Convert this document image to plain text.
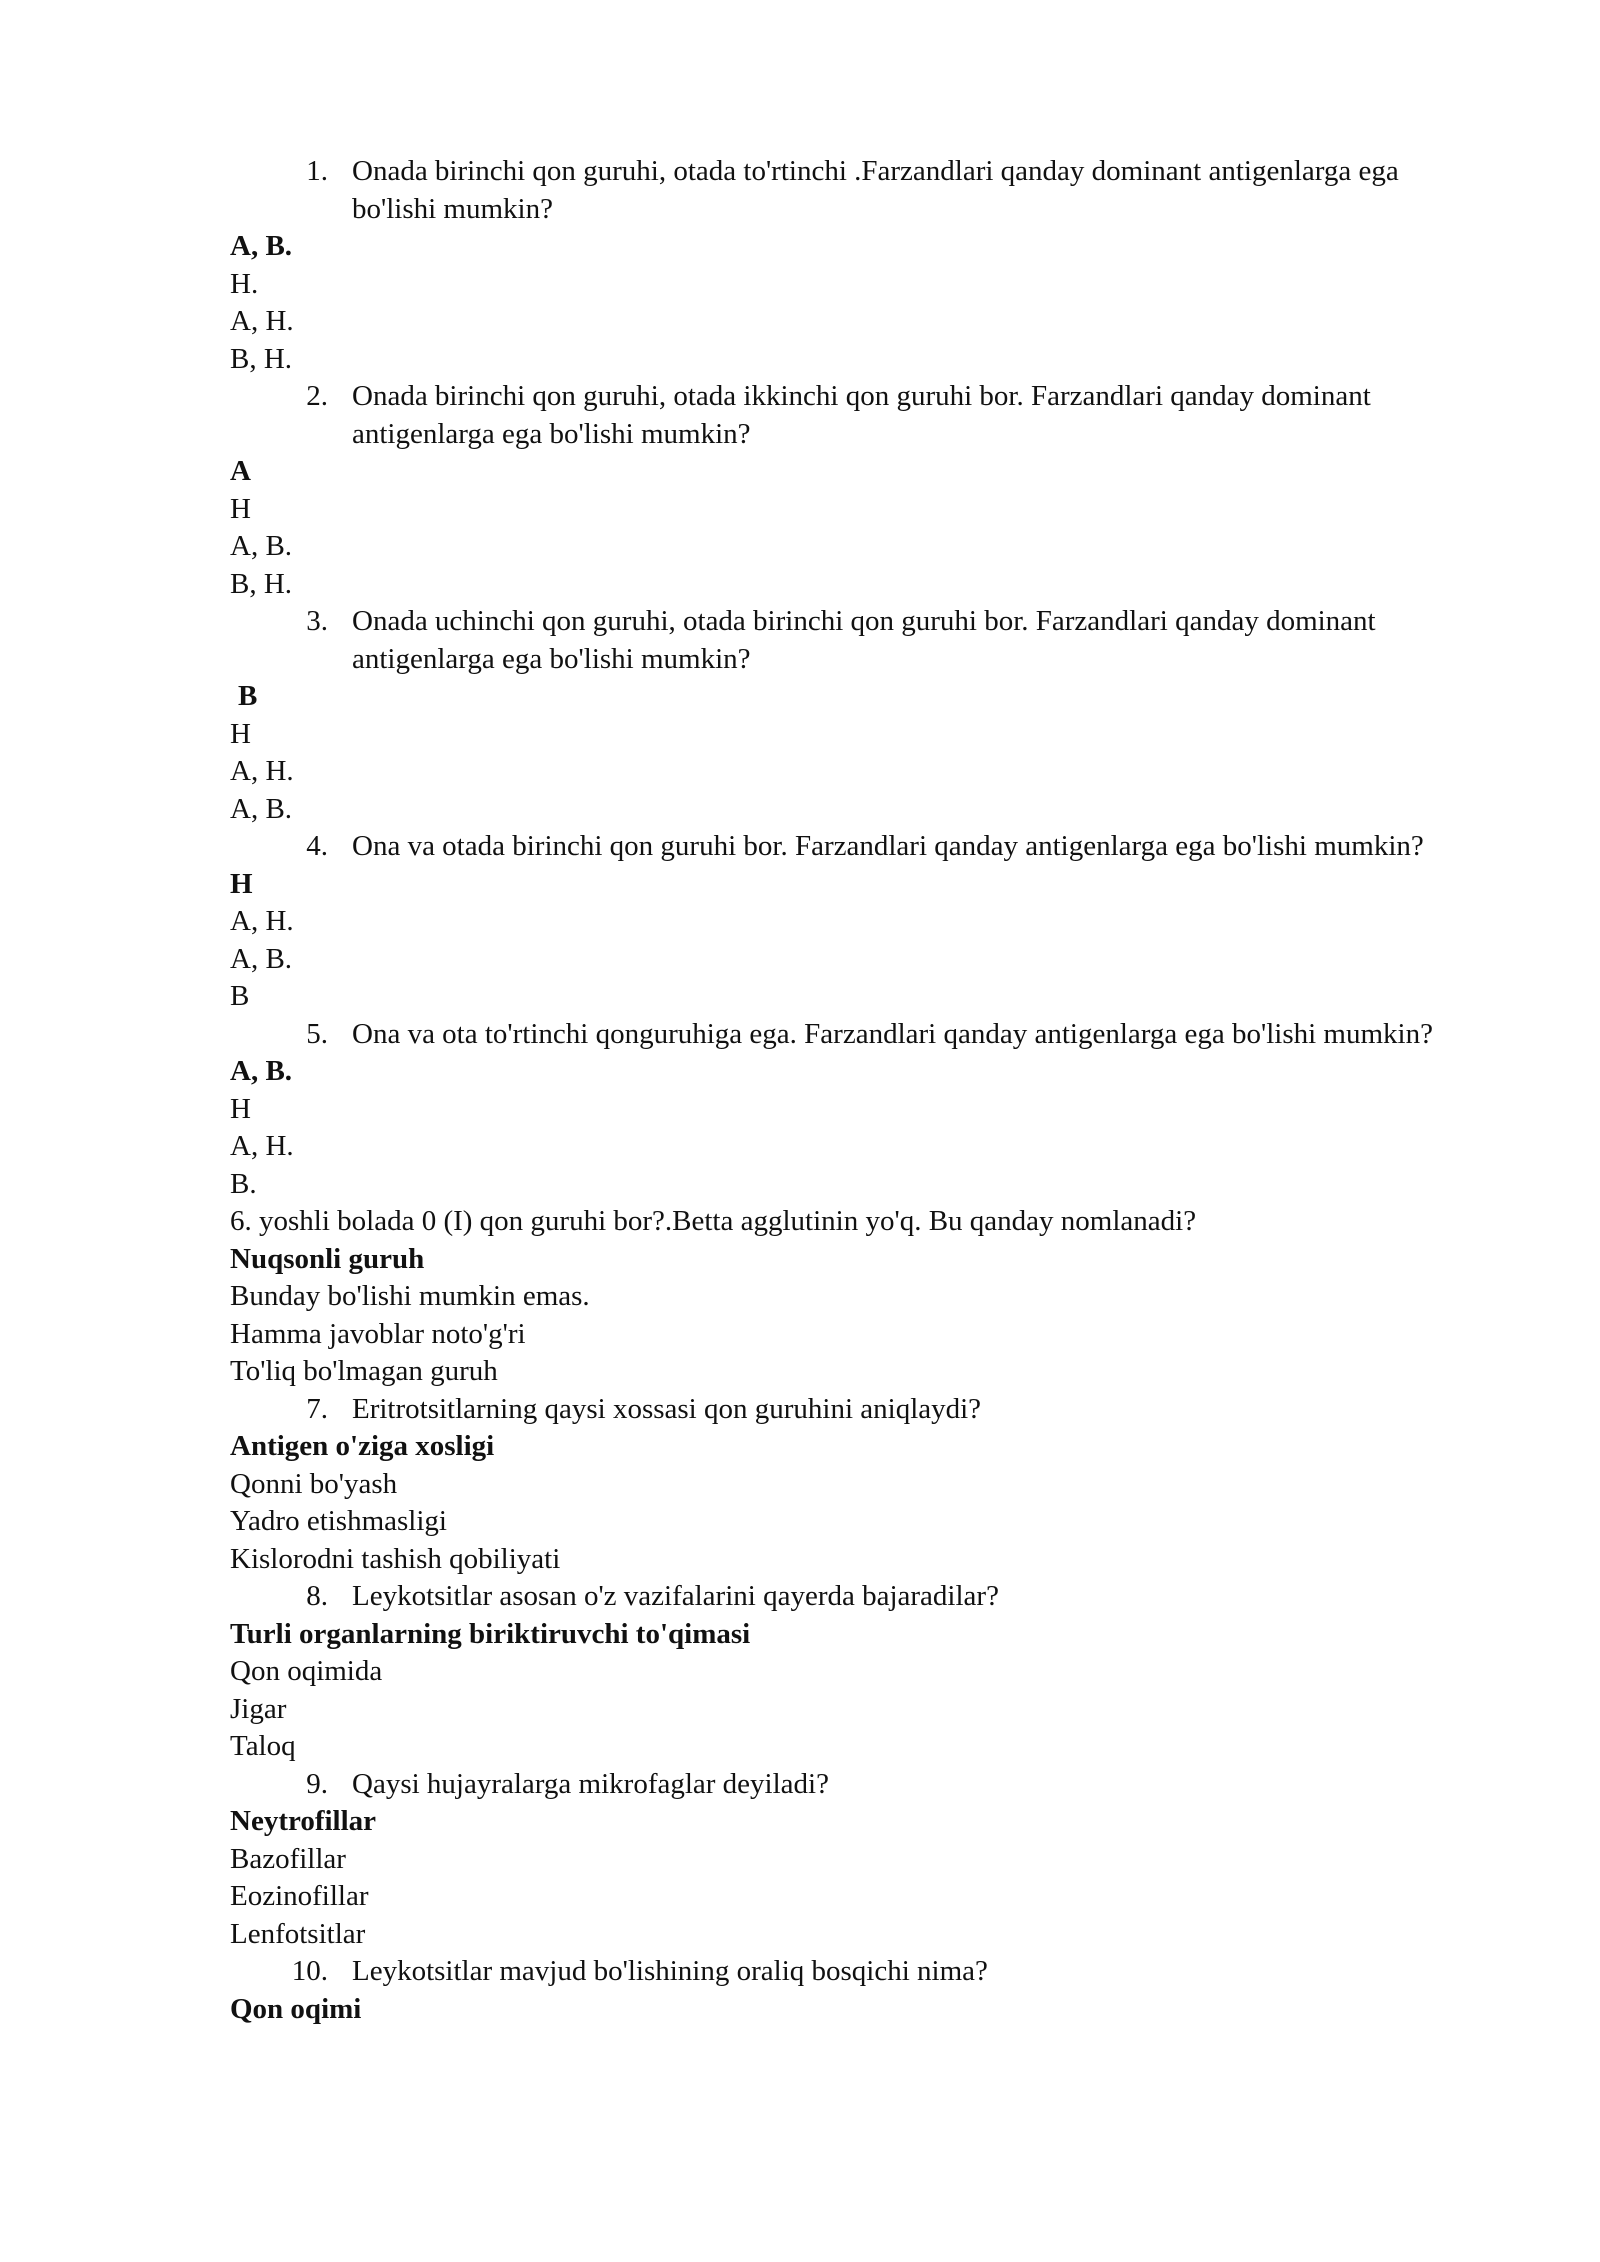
1. Onada birinchi qon guruhi, otada to'rtinchi .Farzandlari qanday dominant antigenlarga ega bo'lishi mumkin?
A, B.
H.
A, H.
B, H.
2. Onada birinchi qon guruhi, otada ikkinchi qon guruhi bor. Farzandlari qanday dominant antigenlarga ega bo'lishi mumkin?
A
H
A, B.
B, H.
3. Onada uchinchi qon guruhi, otada birinchi qon guruhi bor. Farzandlari qanday dominant antigenlarga ega bo'lishi mumkin?
B
H
A, H.
A, B.
4. Ona va otada birinchi qon guruhi bor. Farzandlari qanday antigenlarga ega bo'lishi mumkin?
H
A, H.
A, B.
B
5. Ona va ota to'rtinchi qonguruhiga ega. Farzandlari qanday antigenlarga ega bo'lishi mumkin?
A, B.
H
A, H.
B.
6. yoshli bolada 0 (I) qon guruhi bor?.Betta agglutinin yo'q. Bu qanday nomlanadi?
Nuqsonli guruh
Bunday bo'lishi mumkin emas.
Hamma javoblar noto'g'ri
To'liq bo'lmagan guruh
7. Eritrotsitlarning qaysi xossasi qon guruhini aniqlaydi?
Antigen o'ziga xosligi
Qonni bo'yash
Yadro etishmasligi
Kislorodni tashish qobiliyati
8. Leykotsitlar asosan o'z vazifalarini qayerda bajaradilar?
Turli organlarning biriktiruvchi to'qimasi
Qon oqimida
Jigar
Taloq
9. Qaysi hujayralarga mikrofaglar deyiladi?
Neytrofillar
Bazofillar
Eozinofillar
Lenfotsitlar
10. Leykotsitlar mavjud bo'lishining oraliq bosqichi nima?
Qon oqimi
